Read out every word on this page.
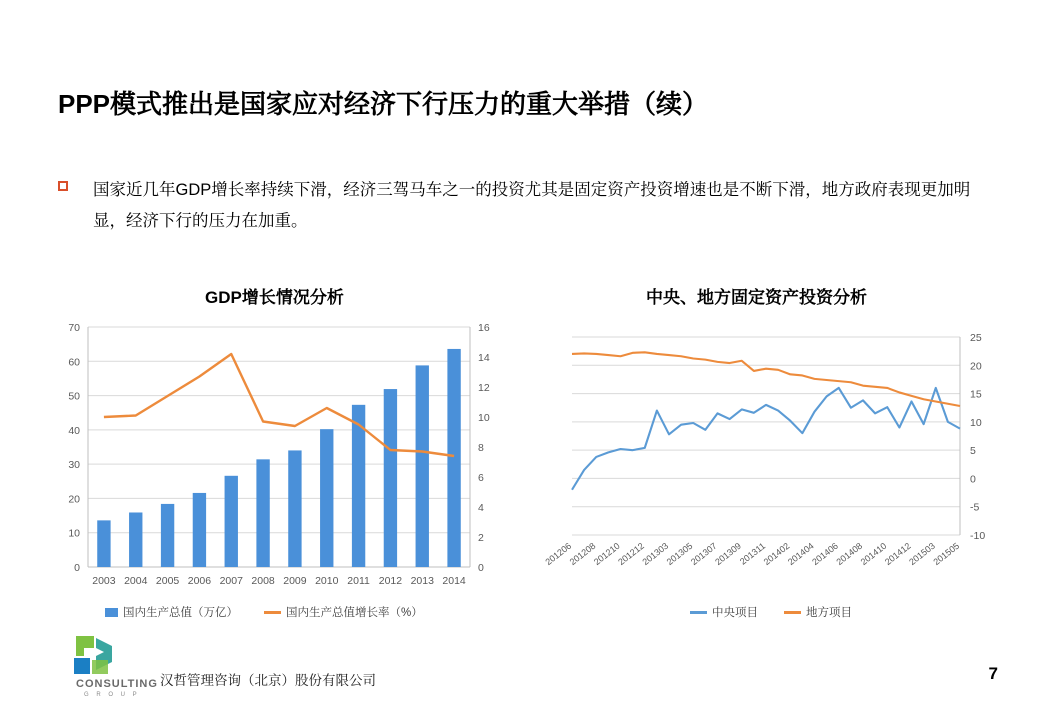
PPP模式推出是国家应对经济下行压力的重大举措（续）
国家近几年GDP增长率持续下滑，经济三驾马车之一的投资尤其是固定资产投资增速也是不断下滑，地方政府表现更加明显，经济下行的压力在加重。
GDP增长情况分析	中央、地方固定资产投资分析
0
10
20
30
40
50
60
70
0
2
4
6
8
10
12
14
16
2003 2004 2005 2006 2007 2008 2009 2010 2011 2012 2013 2014
-10
-5
0
5
10
15
20
25
201206
201208
201210
201212
201303
201305
201307
201309
201311
201402
201404
201406
201408
201410
201412
201503
201505
国内生产总值（万亿）	国内生产总值增长率（%）	中央项目	地方项目
CONSULTING
G R O U P
汉哲管理咨询（北京）股份有限公司	7
